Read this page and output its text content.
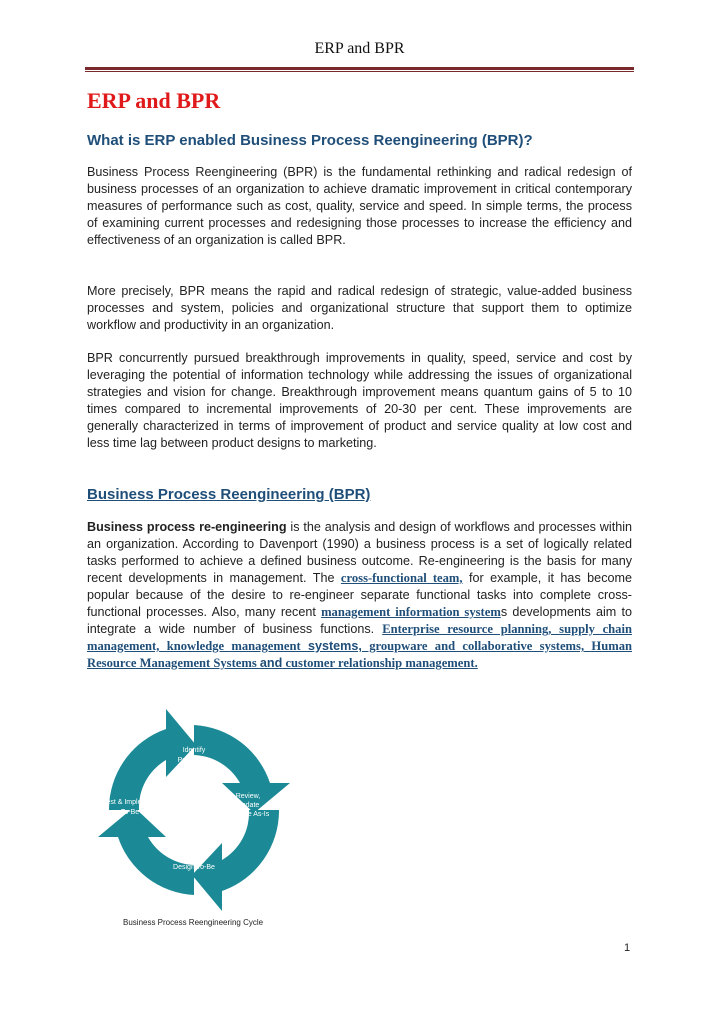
ERP and BPR
ERP and BPR
What is ERP enabled Business Process Reengineering (BPR)?

Business Process Reengineering (BPR) is the fundamental rethinking and radical redesign of business processes of an organization to achieve dramatic improvement in critical contemporary measures of performance such as cost, quality, service and speed. In simple terms, the process of examining current processes and redesigning those processes to increase the efficiency and effectiveness of an organization is called BPR.

More precisely, BPR means the rapid and radical redesign of strategic, value-added business processes and system, policies and organizational structure that support them to optimize workflow and productivity in an organization.

BPR concurrently pursued breakthrough improvements in quality, speed, service and cost by leveraging the potential of information technology while addressing the issues of organizational strategies and vision for change. Breakthrough improvement means quantum gains of 5 to 10 times compared to incremental improvements of 20-30 per cent. These improvements are generally characterized in terms of improvement of product and service quality at low cost and less time lag between product designs to marketing.

Business Process Reengineering (BPR)

Business process re-engineering is the analysis and design of workflows and processes within an organization. According to Davenport (1990) a business process is a set of logically related tasks performed to achieve a defined business outcome. Re-engineering is the basis for many recent developments in management. The cross-functional team, for example, it has become popular because of the desire to re-engineer separate functional tasks into complete cross-functional processes. Also, many recent management information systems developments aim to integrate a wide number of business functions. Enterprise resource planning, supply chain management, knowledge management systems, groupware and collaborative systems, Human Resource Management Systems and customer relationship management.

Identify
Processes
Review,
Update
Analyze As-Is
Design To-Be
Test & Implement
To-Be
Business Process Reengineering Cycle
1
